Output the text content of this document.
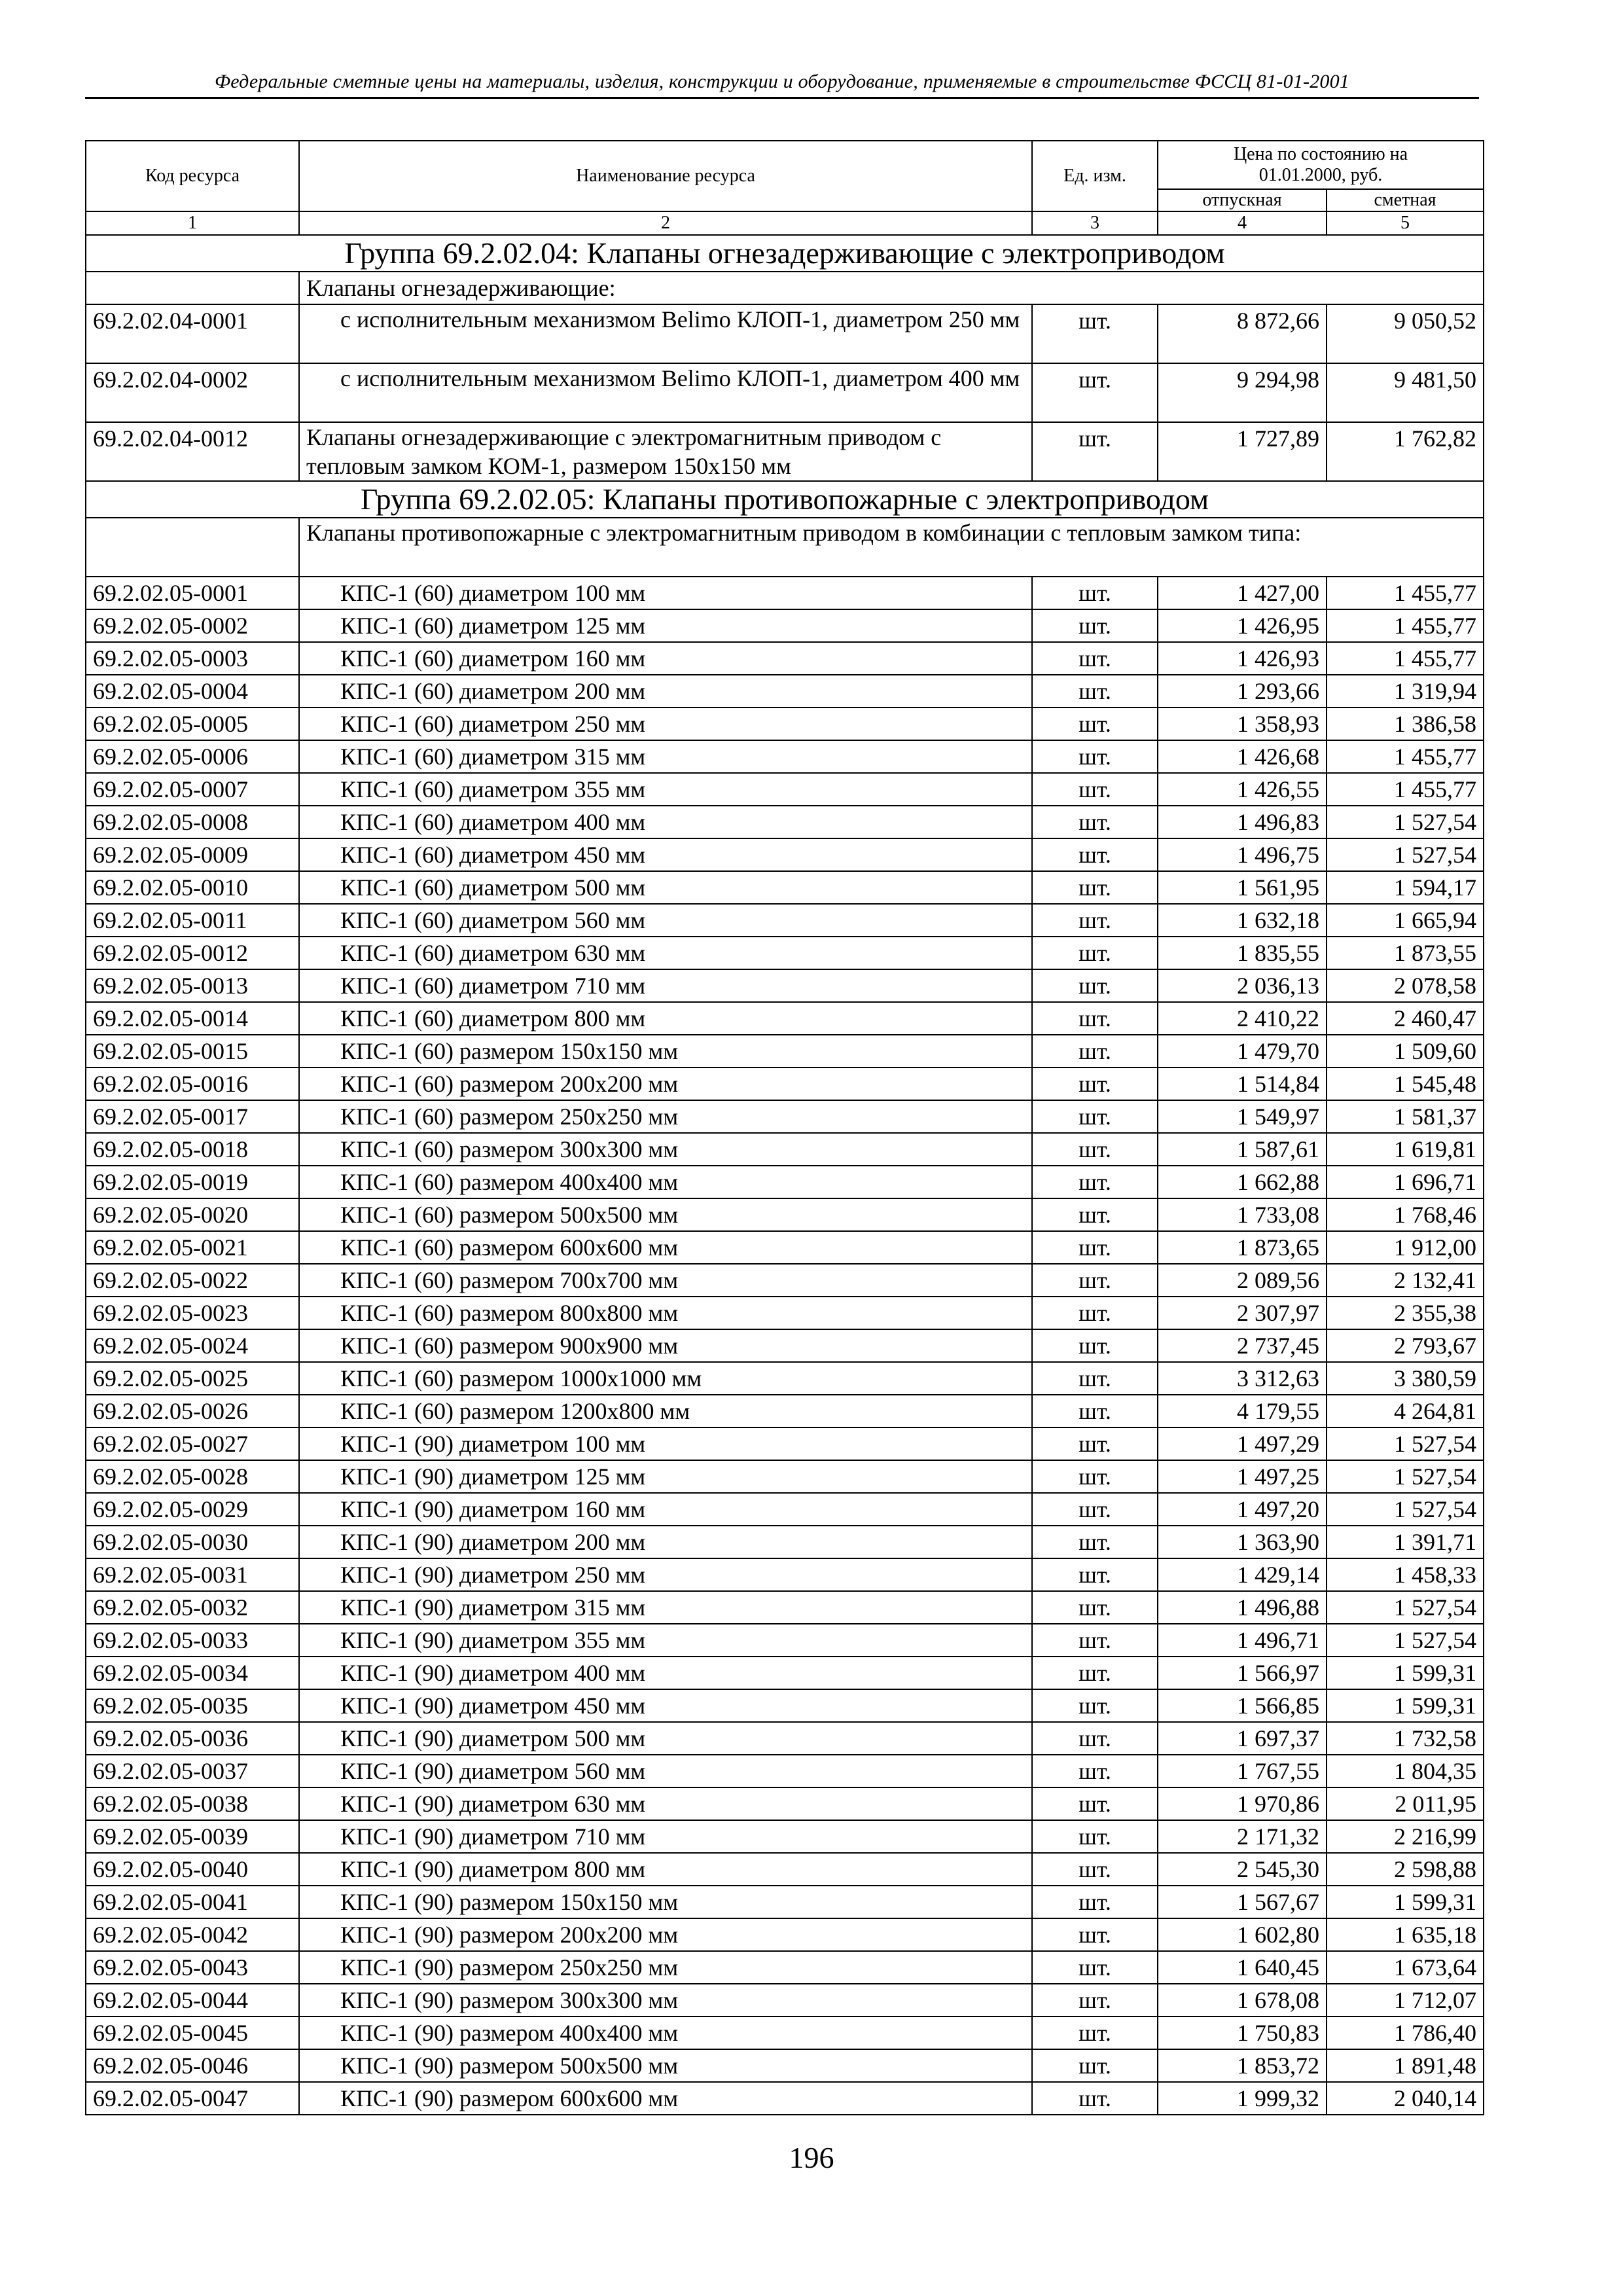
Федеральные сметные цены на материалы, изделия, конструкции и оборудование, применяемые в строительстве ФССЦ 81-01-2001
Код ресурса	Наименование ресурса	Ед. изм.	Цена по состоянию на 01.01.2000, руб.	
			отпускная	сметная
1	2	3	4	5
Группа 69.2.02.04: Клапаны огнезадерживающие с электроприводом				
	Клапаны огнезадерживающие:			
69.2.02.04-0001	с исполнительным механизмом Belimo КЛОП-1, диаметром 250 мм	шт.	8 872,66	9 050,52
69.2.02.04-0002	с исполнительным механизмом Belimo КЛОП-1, диаметром 400 мм	шт.	9 294,98	9 481,50
69.2.02.04-0012	Клапаны огнезадерживающие с электромагнитным приводом с тепловым замком КОМ-1, размером 150х150 мм	шт.	1 727,89	1 762,82
Группа 69.2.02.05: Клапаны противопожарные с электроприводом				
	Клапаны противопожарные с электромагнитным приводом в комбинации с тепловым замком типа:			
69.2.02.05-0001	КПС-1 (60) диаметром 100 мм	шт.	1 427,00	1 455,77
69.2.02.05-0002	КПС-1 (60) диаметром 125 мм	шт.	1 426,95	1 455,77
69.2.02.05-0003	КПС-1 (60) диаметром 160 мм	шт.	1 426,93	1 455,77
69.2.02.05-0004	КПС-1 (60) диаметром 200 мм	шт.	1 293,66	1 319,94
69.2.02.05-0005	КПС-1 (60) диаметром 250 мм	шт.	1 358,93	1 386,58
69.2.02.05-0006	КПС-1 (60) диаметром 315 мм	шт.	1 426,68	1 455,77
69.2.02.05-0007	КПС-1 (60) диаметром 355 мм	шт.	1 426,55	1 455,77
69.2.02.05-0008	КПС-1 (60) диаметром 400 мм	шт.	1 496,83	1 527,54
69.2.02.05-0009	КПС-1 (60) диаметром 450 мм	шт.	1 496,75	1 527,54
69.2.02.05-0010	КПС-1 (60) диаметром 500 мм	шт.	1 561,95	1 594,17
69.2.02.05-0011	КПС-1 (60) диаметром 560 мм	шт.	1 632,18	1 665,94
69.2.02.05-0012	КПС-1 (60) диаметром 630 мм	шт.	1 835,55	1 873,55
69.2.02.05-0013	КПС-1 (60) диаметром 710 мм	шт.	2 036,13	2 078,58
69.2.02.05-0014	КПС-1 (60) диаметром 800 мм	шт.	2 410,22	2 460,47
69.2.02.05-0015	КПС-1 (60) размером 150х150 мм	шт.	1 479,70	1 509,60
69.2.02.05-0016	КПС-1 (60) размером 200х200 мм	шт.	1 514,84	1 545,48
69.2.02.05-0017	КПС-1 (60) размером 250х250 мм	шт.	1 549,97	1 581,37
69.2.02.05-0018	КПС-1 (60) размером 300х300 мм	шт.	1 587,61	1 619,81
69.2.02.05-0019	КПС-1 (60) размером 400х400 мм	шт.	1 662,88	1 696,71
69.2.02.05-0020	КПС-1 (60) размером 500х500 мм	шт.	1 733,08	1 768,46
69.2.02.05-0021	КПС-1 (60) размером 600х600 мм	шт.	1 873,65	1 912,00
69.2.02.05-0022	КПС-1 (60) размером 700х700 мм	шт.	2 089,56	2 132,41
69.2.02.05-0023	КПС-1 (60) размером 800х800 мм	шт.	2 307,97	2 355,38
69.2.02.05-0024	КПС-1 (60) размером 900х900 мм	шт.	2 737,45	2 793,67
69.2.02.05-0025	КПС-1 (60) размером 1000х1000 мм	шт.	3 312,63	3 380,59
69.2.02.05-0026	КПС-1 (60) размером 1200х800 мм	шт.	4 179,55	4 264,81
69.2.02.05-0027	КПС-1 (90) диаметром 100 мм	шт.	1 497,29	1 527,54
69.2.02.05-0028	КПС-1 (90) диаметром 125 мм	шт.	1 497,25	1 527,54
69.2.02.05-0029	КПС-1 (90) диаметром 160 мм	шт.	1 497,20	1 527,54
69.2.02.05-0030	КПС-1 (90) диаметром 200 мм	шт.	1 363,90	1 391,71
69.2.02.05-0031	КПС-1 (90) диаметром 250 мм	шт.	1 429,14	1 458,33
69.2.02.05-0032	КПС-1 (90) диаметром 315 мм	шт.	1 496,88	1 527,54
69.2.02.05-0033	КПС-1 (90) диаметром 355 мм	шт.	1 496,71	1 527,54
69.2.02.05-0034	КПС-1 (90) диаметром 400 мм	шт.	1 566,97	1 599,31
69.2.02.05-0035	КПС-1 (90) диаметром 450 мм	шт.	1 566,85	1 599,31
69.2.02.05-0036	КПС-1 (90) диаметром 500 мм	шт.	1 697,37	1 732,58
69.2.02.05-0037	КПС-1 (90) диаметром 560 мм	шт.	1 767,55	1 804,35
69.2.02.05-0038	КПС-1 (90) диаметром 630 мм	шт.	1 970,86	2 011,95
69.2.02.05-0039	КПС-1 (90) диаметром 710 мм	шт.	2 171,32	2 216,99
69.2.02.05-0040	КПС-1 (90) диаметром 800 мм	шт.	2 545,30	2 598,88
69.2.02.05-0041	КПС-1 (90) размером 150х150 мм	шт.	1 567,67	1 599,31
69.2.02.05-0042	КПС-1 (90) размером 200х200 мм	шт.	1 602,80	1 635,18
69.2.02.05-0043	КПС-1 (90) размером 250х250 мм	шт.	1 640,45	1 673,64
69.2.02.05-0044	КПС-1 (90) размером 300х300 мм	шт.	1 678,08	1 712,07
69.2.02.05-0045	КПС-1 (90) размером 400х400 мм	шт.	1 750,83	1 786,40
69.2.02.05-0046	КПС-1 (90) размером 500х500 мм	шт.	1 853,72	1 891,48
69.2.02.05-0047	КПС-1 (90) размером 600х600 мм	шт.	1 999,32	2 040,14
196
